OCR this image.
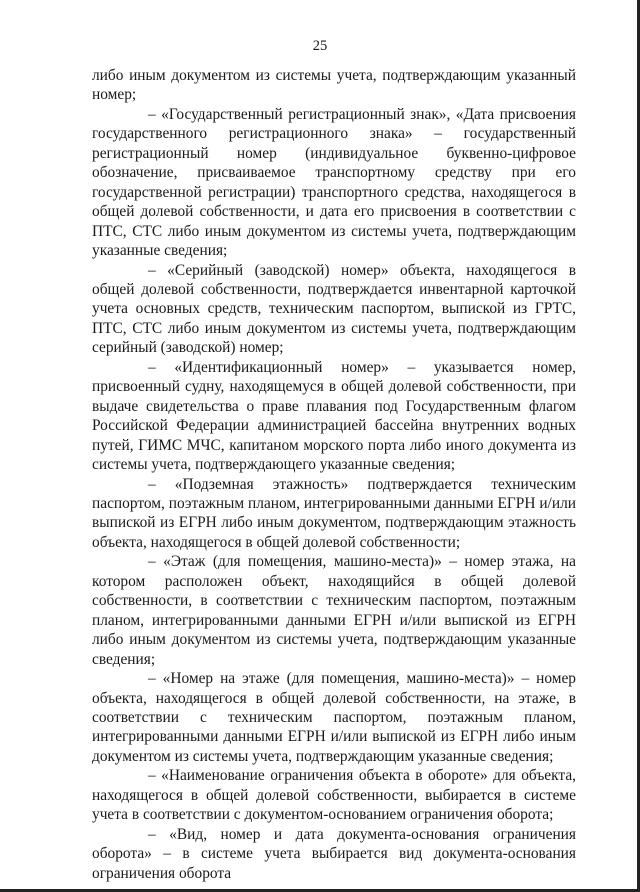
25

либо иным документом из системы учета, подтверждающим указанный номер;

– «Государственный регистрационный знак», «Дата присвоения государственного регистрационного знака» – государственный регистрационный номер (индивидуальное буквенно-цифровое обозначение, присваиваемое транспортному средству при его государственной регистрации) транспортного средства, находящегося в общей долевой собственности, и дата его присвоения в соответствии с ПТС, СТС либо иным документом из системы учета, подтверждающим указанные сведения;

– «Серийный (заводской) номер» объекта, находящегося в общей долевой собственности, подтверждается инвентарной карточкой учета основных средств, техническим паспортом, выпиской из ГРТС, ПТС, СТС либо иным документом из системы учета, подтверждающим серийный (заводской) номер;

– «Идентификационный номер» – указывается номер, присвоенный судну, находящемуся в общей долевой собственности, при выдаче свидетельства о праве плавания под Государственным флагом Российской Федерации администрацией бассейна внутренних водных путей, ГИМС МЧС, капитаном морского порта либо иного документа из системы учета, подтверждающего указанные сведения;

– «Подземная этажность» подтверждается техническим паспортом, поэтажным планом, интегрированными данными ЕГРН и/или выпиской из ЕГРН либо иным документом, подтверждающим этажность объекта, находящегося в общей долевой собственности;

– «Этаж (для помещения, машино-места)» – номер этажа, на котором расположен объект, находящийся в общей долевой собственности, в соответствии с техническим паспортом, поэтажным планом, интегрированными данными ЕГРН и/или выпиской из ЕГРН либо иным документом из системы учета, подтверждающим указанные сведения;

– «Номер на этаже (для помещения, машино-места)» – номер объекта, находящегося в общей долевой собственности, на этаже, в соответствии с техническим паспортом, поэтажным планом, интегрированными данными ЕГРН и/или выпиской из ЕГРН либо иным документом из системы учета, подтверждающим указанные сведения;

– «Наименование ограничения объекта в обороте» для объекта, находящегося в общей долевой собственности, выбирается в системе учета в соответствии с документом-основанием ограничения оборота;

– «Вид, номер и дата документа-основания ограничения оборота» – в системе учета выбирается вид документа-основания ограничения оборота
